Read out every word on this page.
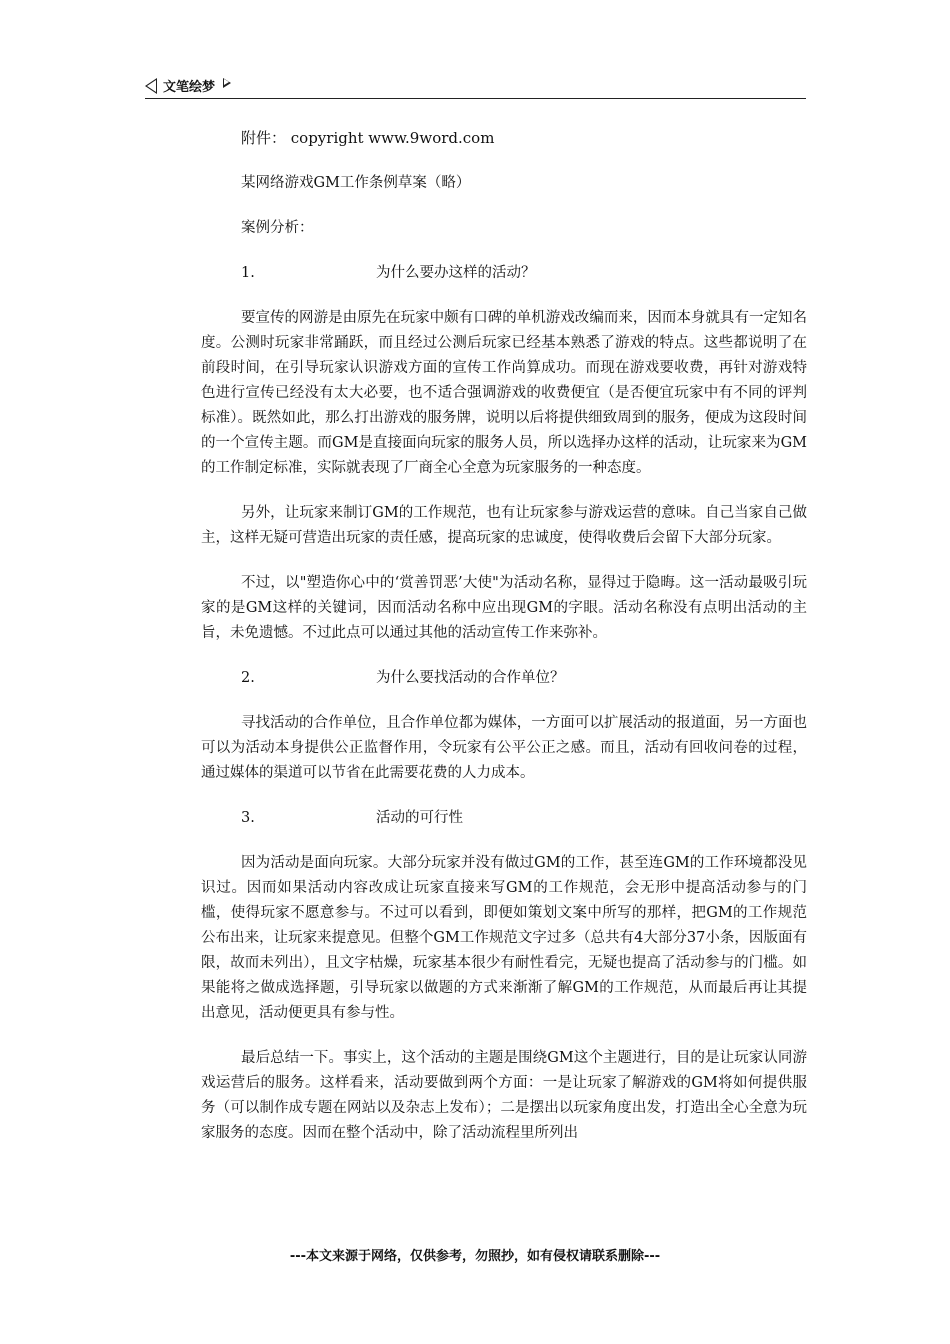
文笔绘梦

附件： copyright www.9word.com

某网络游戏GM工作条例草案（略）

案例分析：

1.	为什么要办这样的活动？

要宣传的网游是由原先在玩家中颇有口碑的单机游戏改编而来，因而本身就具有一定知名度。公测时玩家非常踊跃，而且经过公测后玩家已经基本熟悉了游戏的特点。这些都说明了在前段时间，在引导玩家认识游戏方面的宣传工作尚算成功。而现在游戏要收费，再针对游戏特色进行宣传已经没有太大必要，也不适合强调游戏的收费便宜（是否便宜玩家中有不同的评判标准）。既然如此，那么打出游戏的服务牌，说明以后将提供细致周到的服务，便成为这段时间的一个宣传主题。而GM是直接面向玩家的服务人员，所以选择办这样的活动，让玩家来为GM的工作制定标准，实际就表现了厂商全心全意为玩家服务的一种态度。

另外，让玩家来制订GM的工作规范，也有让玩家参与游戏运营的意味。自己当家自己做主，这样无疑可营造出玩家的责任感，提高玩家的忠诚度，使得收费后会留下大部分玩家。

不过，以"塑造你心中的‘赏善罚恶’大使"为活动名称，显得过于隐晦。这一活动最吸引玩家的是GM这样的关键词，因而活动名称中应出现GM的字眼。活动名称没有点明出活动的主旨，未免遗憾。不过此点可以通过其他的活动宣传工作来弥补。

2.	为什么要找活动的合作单位？

寻找活动的合作单位，且合作单位都为媒体，一方面可以扩展活动的报道面，另一方面也可以为活动本身提供公正监督作用，令玩家有公平公正之感。而且，活动有回收问卷的过程，通过媒体的渠道可以节省在此需要花费的人力成本。

3.	活动的可行性

因为活动是面向玩家。大部分玩家并没有做过GM的工作，甚至连GM的工作环境都没见识过。因而如果活动内容改成让玩家直接来写GM的工作规范，会无形中提高活动参与的门槛，使得玩家不愿意参与。不过可以看到，即便如策划文案中所写的那样，把GM的工作规范公布出来，让玩家来提意见。但整个GM工作规范文字过多（总共有4大部分37小条，因版面有限，故而未列出），且文字枯燥，玩家基本很少有耐性看完，无疑也提高了活动参与的门槛。如果能将之做成选择题，引导玩家以做题的方式来渐渐了解GM的工作规范，从而最后再让其提出意见，活动便更具有参与性。

最后总结一下。事实上，这个活动的主题是围绕GM这个主题进行，目的是让玩家认同游戏运营后的服务。这样看来，活动要做到两个方面：一是让玩家了解游戏的GM将如何提供服务（可以制作成专题在网站以及杂志上发布）；二是摆出以玩家角度出发，打造出全心全意为玩家服务的态度。因而在整个活动中，除了活动流程里所列出

---本文来源于网络，仅供参考，勿照抄，如有侵权请联系删除---
